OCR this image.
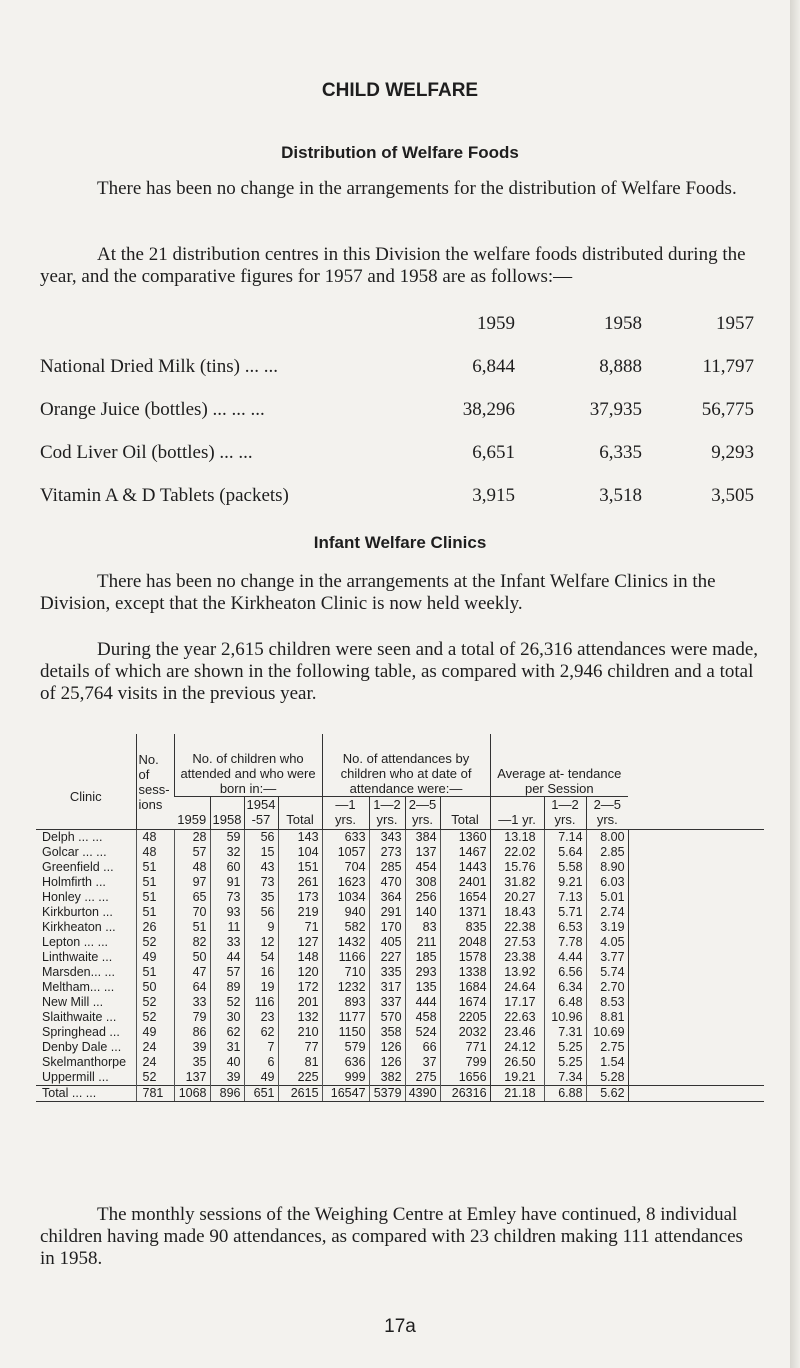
CHILD WELFARE
Distribution of Welfare Foods

There has been no change in the arrangements for the distribution of Welfare Foods.

At the 21 distribution centres in this Division the welfare foods distributed during the year, and the comparative figures for 1957 and 1958 are as follows:—

1959	1958	1957
National Dried Milk (tins) ... ...	6,844	8,888	11,797
Orange Juice (bottles) ... ... ...	38,296	37,935	56,775
Cod Liver Oil (bottles) ... ...	6,651	6,335	9,293
Vitamin A & D Tablets (packets)	3,915	3,518	3,505
Infant Welfare Clinics

There has been no change in the arrangements at the Infant Welfare Clinics in the Division, except that the Kirkheaton Clinic is now held weekly.

During the year 2,615 children were seen and a total of 26,316 attendances were made, details of which are shown in the following table, as compared with 2,946 children and a total of 25,764 visits in the previous year.

Clinic	No. of sess- ions	No. of children who attended and who were born in:—				No. of attendances by children who at date of attendance were:—				Average at- tendance per Session			
		1959	1958	1954 -57	Total	—1 yrs.	1—2 yrs.	2—5 yrs.	Total	—1 yr.	1—2 yrs.	2—5 yrs.	
Delph ... ...	48	28	59	56	143	633	343	384	1360	13.18	7.14	8.00	
Golcar ... ...	48	57	32	15	104	1057	273	137	1467	22.02	5.64	2.85	
Greenfield ...	51	48	60	43	151	704	285	454	1443	15.76	5.58	8.90	
Holmfirth ...	51	97	91	73	261	1623	470	308	2401	31.82	9.21	6.03	
Honley ... ...	51	65	73	35	173	1034	364	256	1654	20.27	7.13	5.01	
Kirkburton ...	51	70	93	56	219	940	291	140	1371	18.43	5.71	2.74	
Kirkheaton ...	26	51	11	9	71	582	170	83	835	22.38	6.53	3.19	
Lepton ... ...	52	82	33	12	127	1432	405	211	2048	27.53	7.78	4.05	
Linthwaite ...	49	50	44	54	148	1166	227	185	1578	23.38	4.44	3.77	
Marsden... ...	51	47	57	16	120	710	335	293	1338	13.92	6.56	5.74	
Meltham... ...	50	64	89	19	172	1232	317	135	1684	24.64	6.34	2.70	
New Mill ...	52	33	52	116	201	893	337	444	1674	17.17	6.48	8.53	
Slaithwaite ...	52	79	30	23	132	1177	570	458	2205	22.63	10.96	8.81	
Springhead ...	49	86	62	62	210	1150	358	524	2032	23.46	7.31	10.69	
Denby Dale ...	24	39	31	7	77	579	126	66	771	24.12	5.25	2.75	
Skelmanthorpe	24	35	40	6	81	636	126	37	799	26.50	5.25	1.54	
Uppermill ...	52	137	39	49	225	999	382	275	1656	19.21	7.34	5.28	
Total ... ...	781	1068	896	651	2615	16547	5379	4390	26316	21.18	6.88	5.62	

The monthly sessions of the Weighing Centre at Emley have continued, 8 individual children having made 90 attendances, as compared with 23 children making 111 attendances in 1958.

17a
